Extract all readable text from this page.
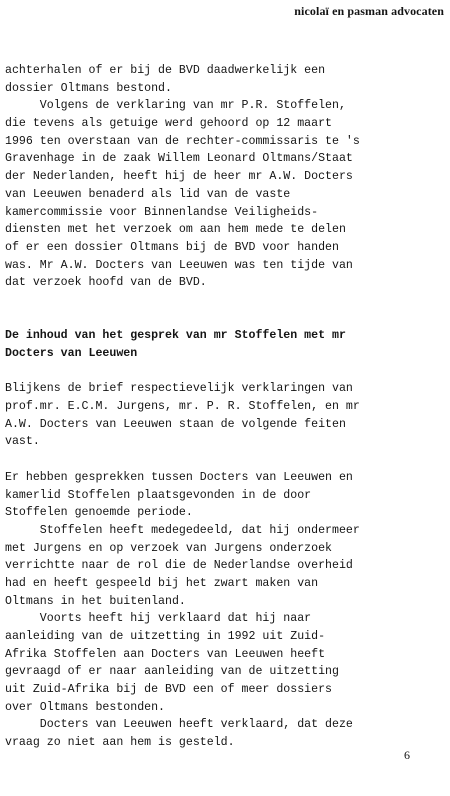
nicolaï en pasman advocaten
achterhalen of er bij de BVD daadwerkelijk een
dossier Oltmans bestond.
Volgens de verklaring van mr P.R. Stoffelen,
die tevens als getuige werd gehoord op 12 maart
1996 ten overstaan van de rechter-commissaris te 's
Gravenhage in de zaak Willem Leonard Oltmans/Staat
der Nederlanden, heeft hij de heer mr A.W. Docters
van Leeuwen benaderd als lid van de vaste
kamercommissie voor Binnenlandse Veiligheids-
diensten met het verzoek om aan hem mede te delen
of er een dossier Oltmans bij de BVD voor handen
was. Mr A.W. Docters van Leeuwen was ten tijde van
dat verzoek hoofd van de BVD.
De inhoud van het gesprek van mr Stoffelen met mr
Docters van Leeuwen
Blijkens de brief respectievelijk verklaringen van
prof.mr. E.C.M. Jurgens, mr. P. R. Stoffelen, en mr
A.W. Docters van Leeuwen staan de volgende feiten
vast.
Er hebben gesprekken tussen Docters van Leeuwen en
kamerlid Stoffelen plaatsgevonden in de door
Stoffelen genoemde periode.
Stoffelen heeft medegedeeld, dat hij ondermeer
met Jurgens en op verzoek van Jurgens onderzoek
verrichtte naar de rol die de Nederlandse overheid
had en heeft gespeeld bij het zwart maken van
Oltmans in het buitenland.
Voorts heeft hij verklaard dat hij naar
aanleiding van de uitzetting in 1992 uit Zuid-
Afrika Stoffelen aan Docters van Leeuwen heeft
gevraagd of er naar aanleiding van de uitzetting
uit Zuid-Afrika bij de BVD een of meer dossiers
over Oltmans bestonden.
Docters van Leeuwen heeft verklaard, dat deze
vraag zo niet aan hem is gesteld.
6
